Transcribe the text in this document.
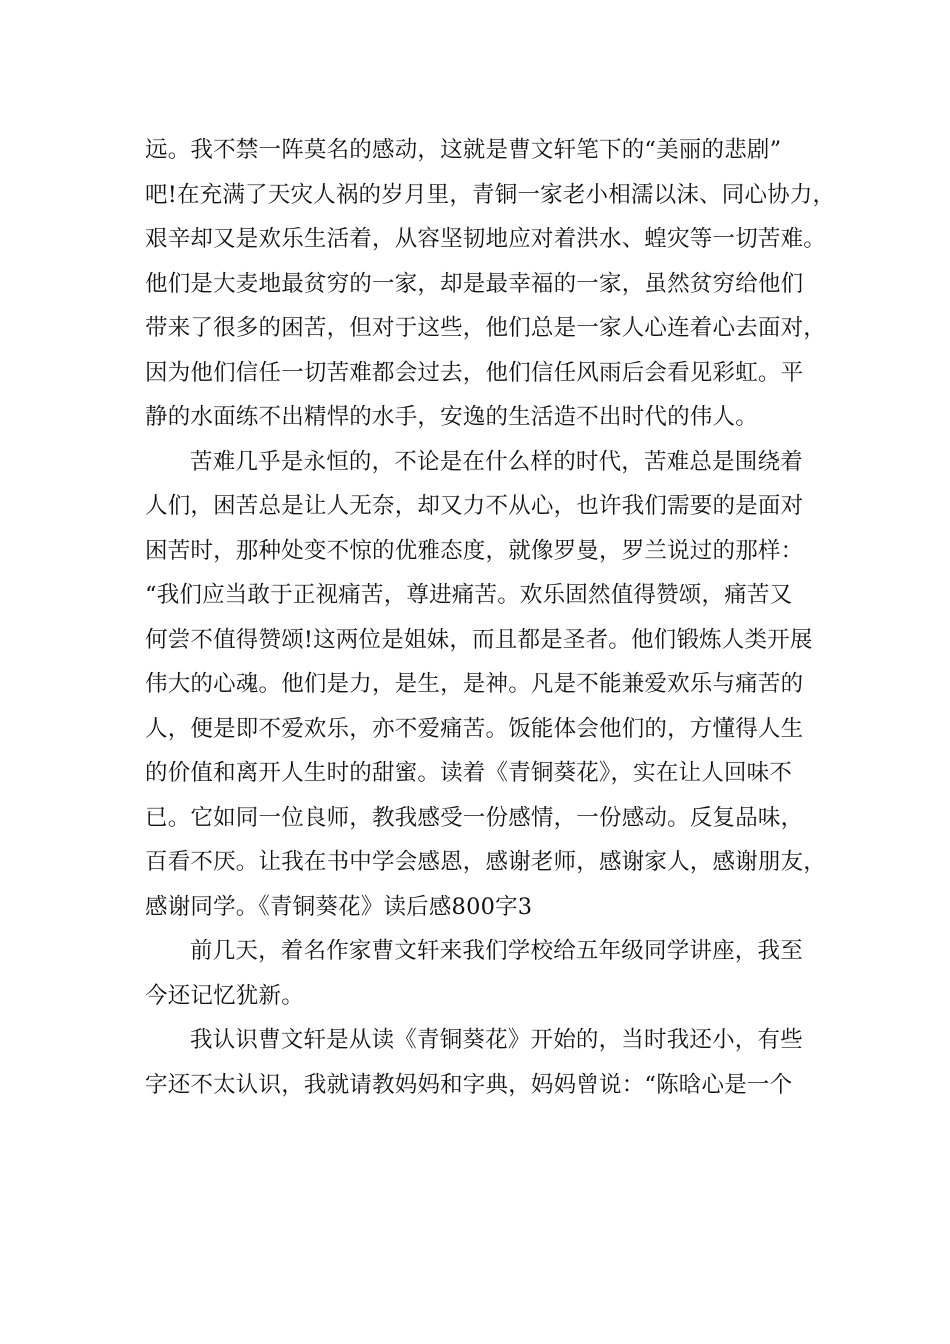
远。我不禁一阵莫名的感动，这就是曹文轩笔下的“美丽的悲剧”
吧!在充满了天灾人祸的岁月里，青铜一家老小相濡以沫、同心协力，
艰辛却又是欢乐生活着，从容坚韧地应对着洪水、蝗灾等一切苦难。
他们是大麦地最贫穷的一家，却是最幸福的一家，虽然贫穷给他们
带来了很多的困苦，但对于这些，他们总是一家人心连着心去面对，
因为他们信任一切苦难都会过去，他们信任风雨后会看见彩虹。平
静的水面练不出精悍的水手，安逸的生活造不出时代的伟人。
苦难几乎是永恒的，不论是在什么样的时代，苦难总是围绕着
人们，困苦总是让人无奈，却又力不从心，也许我们需要的是面对
困苦时，那种处变不惊的优雅态度，就像罗曼，罗兰说过的那样：
“我们应当敢于正视痛苦，尊进痛苦。欢乐固然值得赞颂，痛苦又
何尝不值得赞颂!这两位是姐妹，而且都是圣者。他们锻炼人类开展
伟大的心魂。他们是力，是生，是神。凡是不能兼爱欢乐与痛苦的
人，便是即不爱欢乐，亦不爱痛苦。饭能体会他们的，方懂得人生
的价值和离开人生时的甜蜜。读着《青铜葵花》，实在让人回味不
已。它如同一位良师，教我感受一份感情，一份感动。反复品味，
百看不厌。让我在书中学会感恩，感谢老师，感谢家人，感谢朋友，
感谢同学。《青铜葵花》读后感800字3
前几天，着名作家曹文轩来我们学校给五年级同学讲座，我至
今还记忆犹新。
我认识曹文轩是从读《青铜葵花》开始的，当时我还小，有些
字还不太认识，我就请教妈妈和字典，妈妈曾说：“陈晗心是一个
